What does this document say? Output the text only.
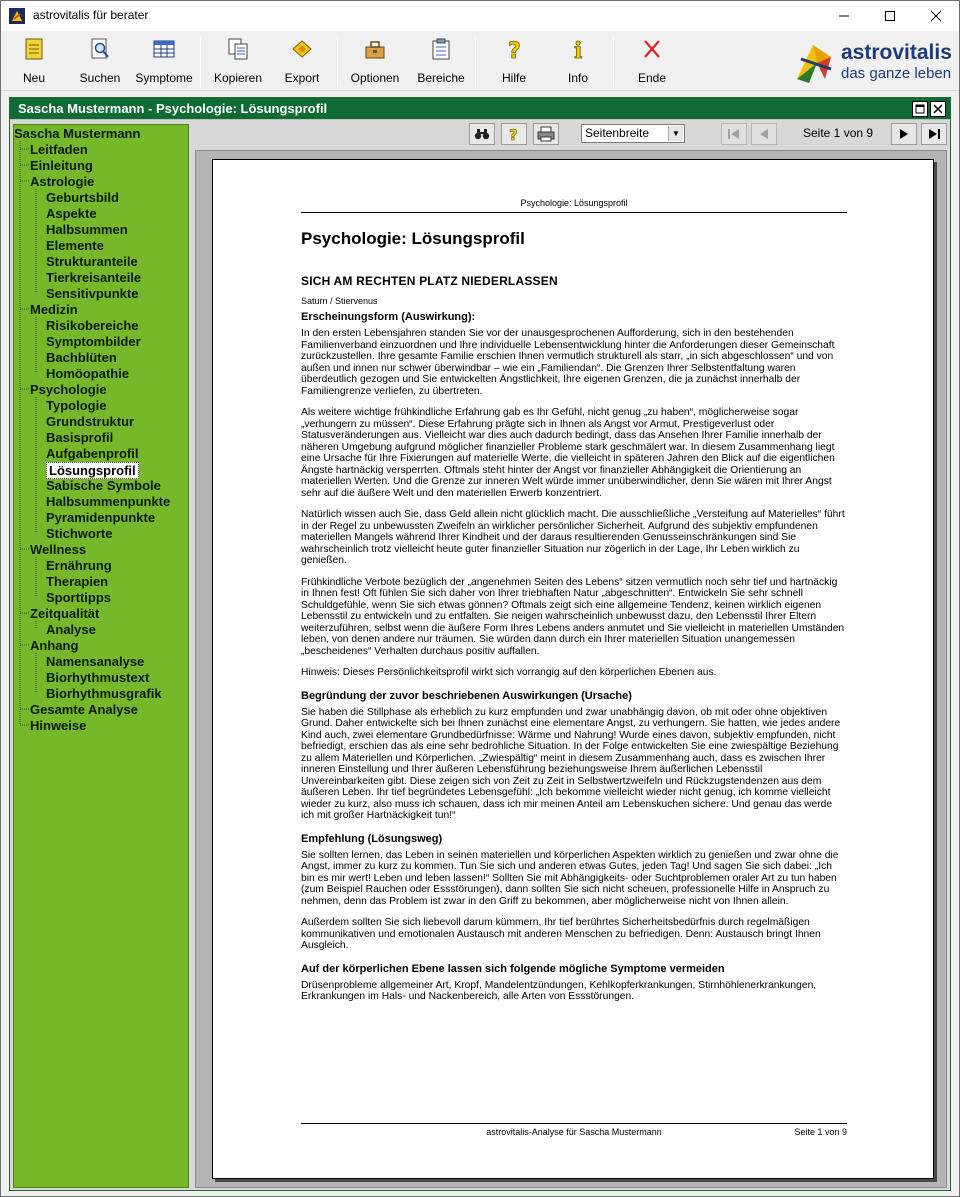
astrovitalis für berater
Neu	Suchen Symptome Kopieren Export	Optionen Bereiche
?
Hilfe
i
Info	Ende
astrovitalis
das ganze leben
Sascha Mustermann - Psychologie: Lösungsprofil
Sascha Mustermann
Leitfaden
Einleitung
Astrologie
Geburtsbild
Aspekte
Halbsummen
Elemente
Strukturanteile
Tierkreisanteile
Sensitivpunkte
Medizin
Risikobereiche
Symptombilder
Bachblüten
Homöopathie
Psychologie
Typologie
Grundstruktur
Basisprofil
Aufgabenprofil
Lösungsprofil
Sabische Symbole
Halbsummenpunkte
Pyramidenpunkte
Stichworte
Wellness
Ernährung
Therapien
Sporttipps
Zeitqualität
Analyse
Anhang
Namensanalyse
Biorhythmustext
Biorhythmusgrafik
Gesamte Analyse
Hinweise
?	Seitenbreite	▼	Seite 1 von 9
Psychologie: Lösungsprofil
Psychologie: Lösungsprofil
SICH AM RECHTEN PLATZ NIEDERLASSEN
Saturn / Stiervenus
Erscheinungsform (Auswirkung):

In den ersten Lebensjahren standen Sie vor der unausgesprochenen Aufforderung, sich in den bestehenden Familienverband einzuordnen und Ihre individuelle Lebensentwicklung hinter die Anforderungen dieser Gemeinschaft zurückzustellen. Ihre gesamte Familie erschien Ihnen vermutlich strukturell als starr, „in sich abgeschlossen“ und von außen und innen nur schwer überwindbar – wie ein „Familiendan“. Die Grenzen Ihrer Selbstentfaltung waren überdeutlich gezogen und Sie entwickelten Ängstlichkeit, Ihre eigenen Grenzen, die ja zunächst innerhalb der Familiengrenze verliefen, zu übertreten.

Als weitere wichtige frühkindliche Erfahrung gab es Ihr Gefühl, nicht genug „zu haben“, möglicherweise sogar „verhungern zu müssen“. Diese Erfahrung prägte sich in Ihnen als Angst vor Armut, Prestigeverlust oder Statusveränderungen aus. Vielleicht war dies auch dadurch bedingt, dass das Ansehen Ihrer Familie innerhalb der näheren Umgebung aufgrund möglicher finanzieller Probleme stark geschmälert war. In diesem Zusammenhang liegt eine Ursache für Ihre Fixierungen auf materielle Werte, die vielleicht in späteren Jahren den Blick auf die eigentlichen Ängste hartnäckig versperrten. Oftmals steht hinter der Angst vor finanzieller Abhängigkeit die Orientierung an materiellen Werten. Und die Grenze zur inneren Welt würde immer unüberwindlicher, denn Sie wären mit Ihrer Angst sehr auf die äußere Welt und den materiellen Erwerb konzentriert.

Natürlich wissen auch Sie, dass Geld allein nicht glücklich macht. Die ausschließliche „Versteifung auf Materielles“ führt in der Regel zu unbewussten Zweifeln an wirklicher persönlicher Sicherheit. Aufgrund des subjektiv empfundenen materiellen Mangels während Ihrer Kindheit und der daraus resultierenden Genusseinschränkungen sind Sie wahrscheinlich trotz vielleicht heute guter finanzieller Situation nur zögerlich in der Lage, Ihr Leben wirklich zu genießen.

Frühkindliche Verbote bezüglich der „angenehmen Seiten des Lebens“ sitzen vermutlich noch sehr tief und hartnäckig in Ihnen fest! Oft fühlen Sie sich daher von Ihrer triebhaften Natur „abgeschnitten“. Entwickeln Sie sehr schnell Schuldgefühle, wenn Sie sich etwas gönnen? Oftmals zeigt sich eine allgemeine Tendenz, keinen wirklich eigenen Lebensstil zu entwickeln und zu entfalten. Sie neigen wahrscheinlich unbewusst dazu, den Lebensstil Ihrer Eltern weiterzuführen, selbst wenn die äußere Form Ihres Lebens anders anmutet und Sie vielleicht in materiellen Umständen leben, von denen andere nur träumen. Sie würden dann durch ein Ihrer materiellen Situation unangemessen „bescheidenes“ Verhalten durchaus positiv auffallen.

Hinweis: Dieses Persönlichkeitsprofil wirkt sich vorrangig auf den körperlichen Ebenen aus.

Begründung der zuvor beschriebenen Auswirkungen (Ursache)

Sie haben die Stillphase als erheblich zu kurz empfunden und zwar unabhängig davon, ob mit oder ohne objektiven Grund. Daher entwickelte sich bei Ihnen zunächst eine elementare Angst, zu verhungern. Sie hatten, wie jedes andere Kind auch, zwei elementare Grundbedürfnisse: Wärme und Nahrung! Wurde eines davon, subjektiv empfunden, nicht befriedigt, erschien das als eine sehr bedrohliche Situation. In der Folge entwickelten Sie eine zwiespältige Beziehung zu allem Materiellen und Körperlichen. „Zwiespältig“ meint in diesem Zusammenhang auch, dass es zwischen Ihrer inneren Einstellung und Ihrer äußeren Lebensführung beziehungsweise Ihrem äußerlichen Lebensstil Unvereinbarkeiten gibt. Diese zeigen sich von Zeit zu Zeit in Selbstwertzweifeln und Rückzugstendenzen aus dem äußeren Leben. Ihr tief begründetes Lebensgefühl: „Ich bekomme vielleicht wieder nicht genug, ich komme vielleicht wieder zu kurz, also muss ich schauen, dass ich mir meinen Anteil am Lebenskuchen sichere. Und genau das werde ich mit großer Hartnäckigkeit tun!“

Empfehlung (Lösungsweg)

Sie sollten lernen, das Leben in seinen materiellen und körperlichen Aspekten wirklich zu genießen und zwar ohne die Angst, immer zu kurz zu kommen. Tun Sie sich und anderen etwas Gutes, jeden Tag! Und sagen Sie sich dabei: „Ich bin es mir wert! Leben und leben lassen!“ Sollten Sie mit Abhängigkeits- oder Suchtproblemen oraler Art zu tun haben (zum Beispiel Rauchen oder Essstörungen), dann sollten Sie sich nicht scheuen, professionelle Hilfe in Anspruch zu nehmen, denn das Problem ist zwar in den Griff zu bekommen, aber möglicherweise nicht von Ihnen allein.

Außerdem sollten Sie sich liebevoll darum kümmern, Ihr tief berührtes Sicherheitsbedürfnis durch regelmäßigen kommunikativen und emotionalen Austausch mit anderen Menschen zu befriedigen. Denn: Austausch bringt Ihnen Ausgleich.

Auf der körperlichen Ebene lassen sich folgende mögliche Symptome vermeiden

Drüsenprobleme allgemeiner Art, Kropf, Mandelentzündungen, Kehlkopferkrankungen, Stirnhöhlenerkrankungen, Erkrankungen im Hals- und Nackenbereich, alle Arten von Essstörungen.

astrovitalis-Analyse für Sascha Mustermann	Seite 1 von 9
